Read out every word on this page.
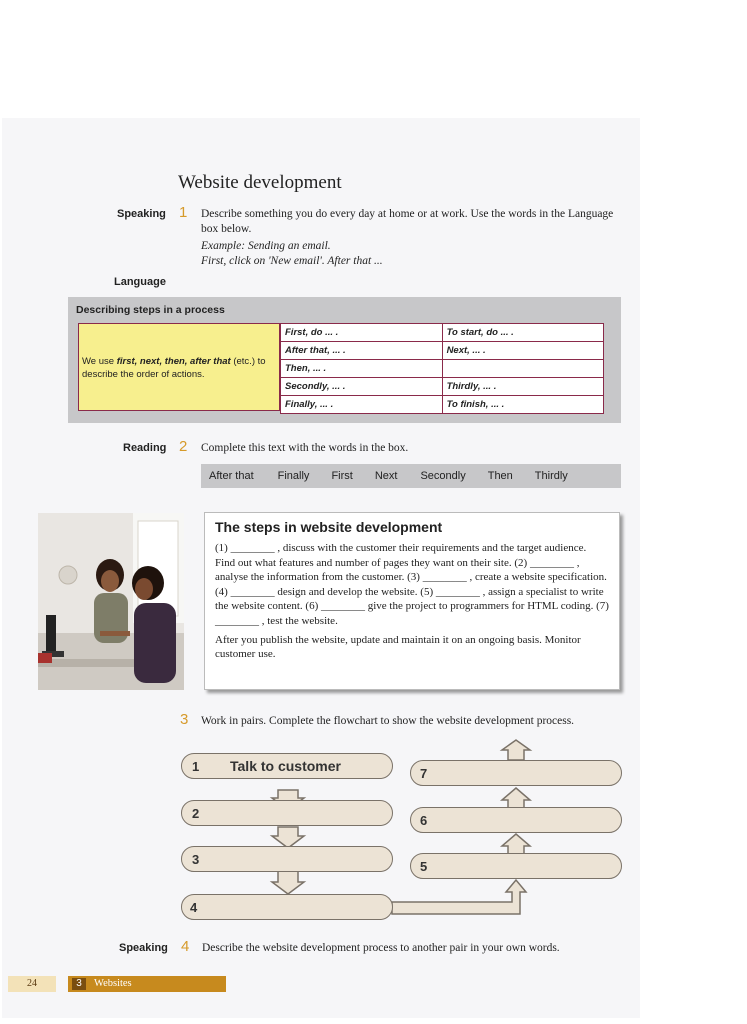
Website development
Speaking 1 Describe something you do every day at home or at work. Use the words in the Language box below.
Example: Sending an email.
First, click on 'New email'. After that ...
Language
Describing steps in a process
We use first, next, then, after that (etc.) to describe the order of actions.
First, do ... .	To start, do ... .
After that, ... .	Next, ... .
Then, ... .	
Secondly, ... .	Thirdly, ... .
Finally, ... .	To finish, ... .
Reading 2 Complete this text with the words in the box.
After that Finally First Next Secondly Then Thirdly
The steps in website development

(1) ________ , discuss with the customer their requirements and the target audience. Find out what features and number of pages they want on their site. (2) ________ , analyse the information from the customer. (3) ________ , create a website specification. (4) ________ design and develop the website. (5) ________ , assign a specialist to write the website content. (6) ________ give the project to programmers for HTML coding. (7) ________ , test the website.

After you publish the website, update and maintain it on an ongoing basis. Monitor customer use.

3 Work in pairs. Complete the flowchart to show the website development process.
1 Talk to customer
2
3
4
7
6
5
Speaking 4 Describe the website development process to another pair in your own words.
24	3	Websites
